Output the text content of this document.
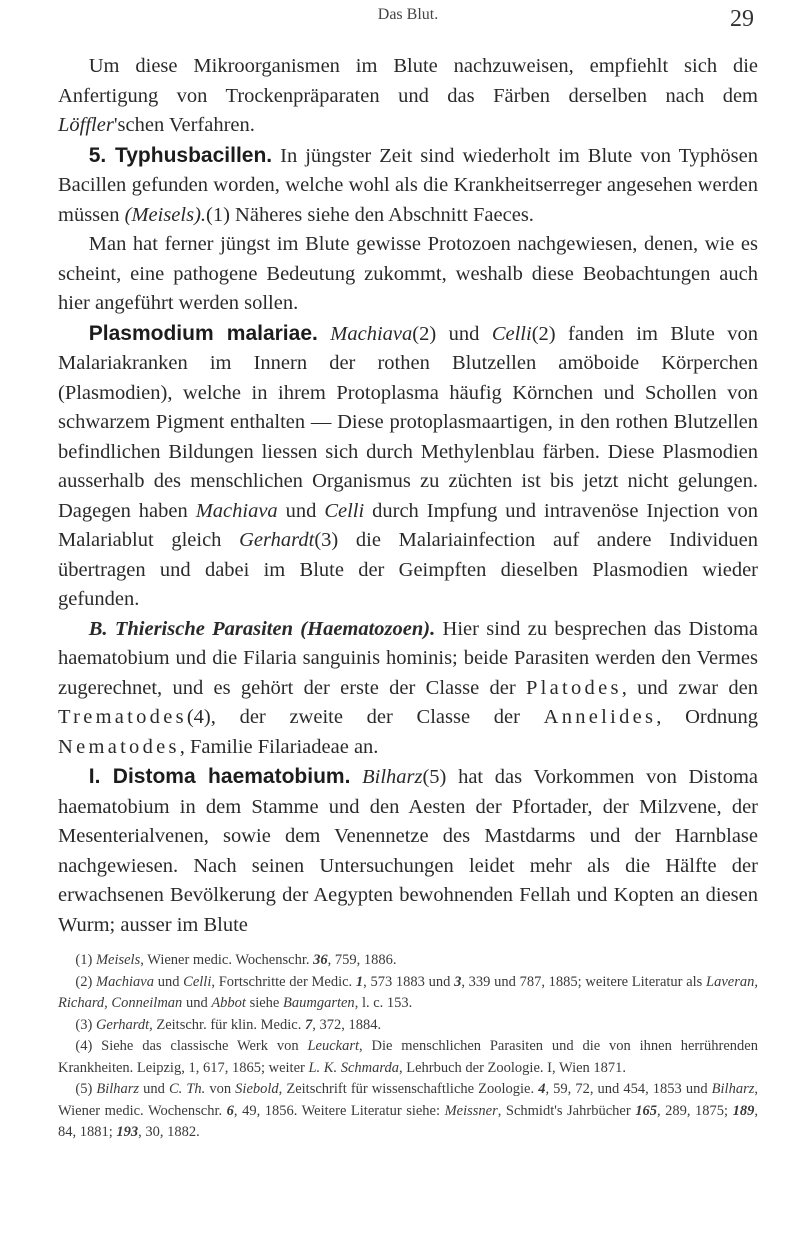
Das Blut.	29

Um diese Mikroorganismen im Blute nachzuweisen, empfiehlt sich die Anfertigung von Trockenpräparaten und das Färben derselben nach dem Löffler'schen Verfahren.

5. Typhusbacillen. In jüngster Zeit sind wiederholt im Blute von Typhösen Bacillen gefunden worden, welche wohl als die Krankheitserreger angesehen werden müssen (Meisels).(1) Näheres siehe den Abschnitt Faeces.

Man hat ferner jüngst im Blute gewisse Protozoen nachgewiesen, denen, wie es scheint, eine pathogene Bedeutung zukommt, weshalb diese Beobachtungen auch hier angeführt werden sollen.

Plasmodium malariae. Machiava(2) und Celli(2) fanden im Blute von Malariakranken im Innern der rothen Blutzellen amöboide Körperchen (Plasmodien), welche in ihrem Protoplasma häufig Körnchen und Schollen von schwarzem Pigment enthalten — Diese protoplasmaartigen, in den rothen Blutzellen befindlichen Bildungen liessen sich durch Methylenblau färben. Diese Plasmodien ausserhalb des menschlichen Organismus zu züchten ist bis jetzt nicht gelungen. Dagegen haben Machiava und Celli durch Impfung und intravenöse Injection von Malariablut gleich Gerhardt(3) die Malariainfection auf andere Individuen übertragen und dabei im Blute der Geimpften dieselben Plasmodien wieder gefunden.

B. Thierische Parasiten (Haematozoen). Hier sind zu besprechen das Distoma haematobium und die Filaria sanguinis hominis; beide Parasiten werden den Vermes zugerechnet, und es gehört der erste der Classe der Platodes, und zwar den Trematodes(4), der zweite der Classe der Annelides, Ordnung Nematodes, Familie Filariadeae an.

I. Distoma haematobium. Bilharz(5) hat das Vorkommen von Distoma haematobium in dem Stamme und den Aesten der Pfortader, der Milzvene, der Mesenterialvenen, sowie dem Venennetze des Mastdarms und der Harnblase nachgewiesen. Nach seinen Untersuchungen leidet mehr als die Hälfte der erwachsenen Bevölkerung der Aegypten bewohnenden Fellah und Kopten an diesen Wurm; ausser im Blute

(1) Meisels, Wiener medic. Wochenschr. 36, 759, 1886.

(2) Machiava und Celli, Fortschritte der Medic. 1, 573 1883 und 3, 339 und 787, 1885; weitere Literatur als Laveran, Richard, Conneilman und Abbot siehe Baumgarten, l. c. 153.

(3) Gerhardt, Zeitschr. für klin. Medic. 7, 372, 1884.

(4) Siehe das classische Werk von Leuckart, Die menschlichen Parasiten und die von ihnen herrührenden Krankheiten. Leipzig, 1, 617, 1865; weiter L. K. Schmarda, Lehrbuch der Zoologie. I, Wien 1871.

(5) Bilharz und C. Th. von Siebold, Zeitschrift für wissenschaftliche Zoologie. 4, 59, 72, und 454, 1853 und Bilharz, Wiener medic. Wochenschr. 6, 49, 1856. Weitere Literatur siehe: Meissner, Schmidt's Jahrbücher 165, 289, 1875; 189, 84, 1881; 193, 30, 1882.
